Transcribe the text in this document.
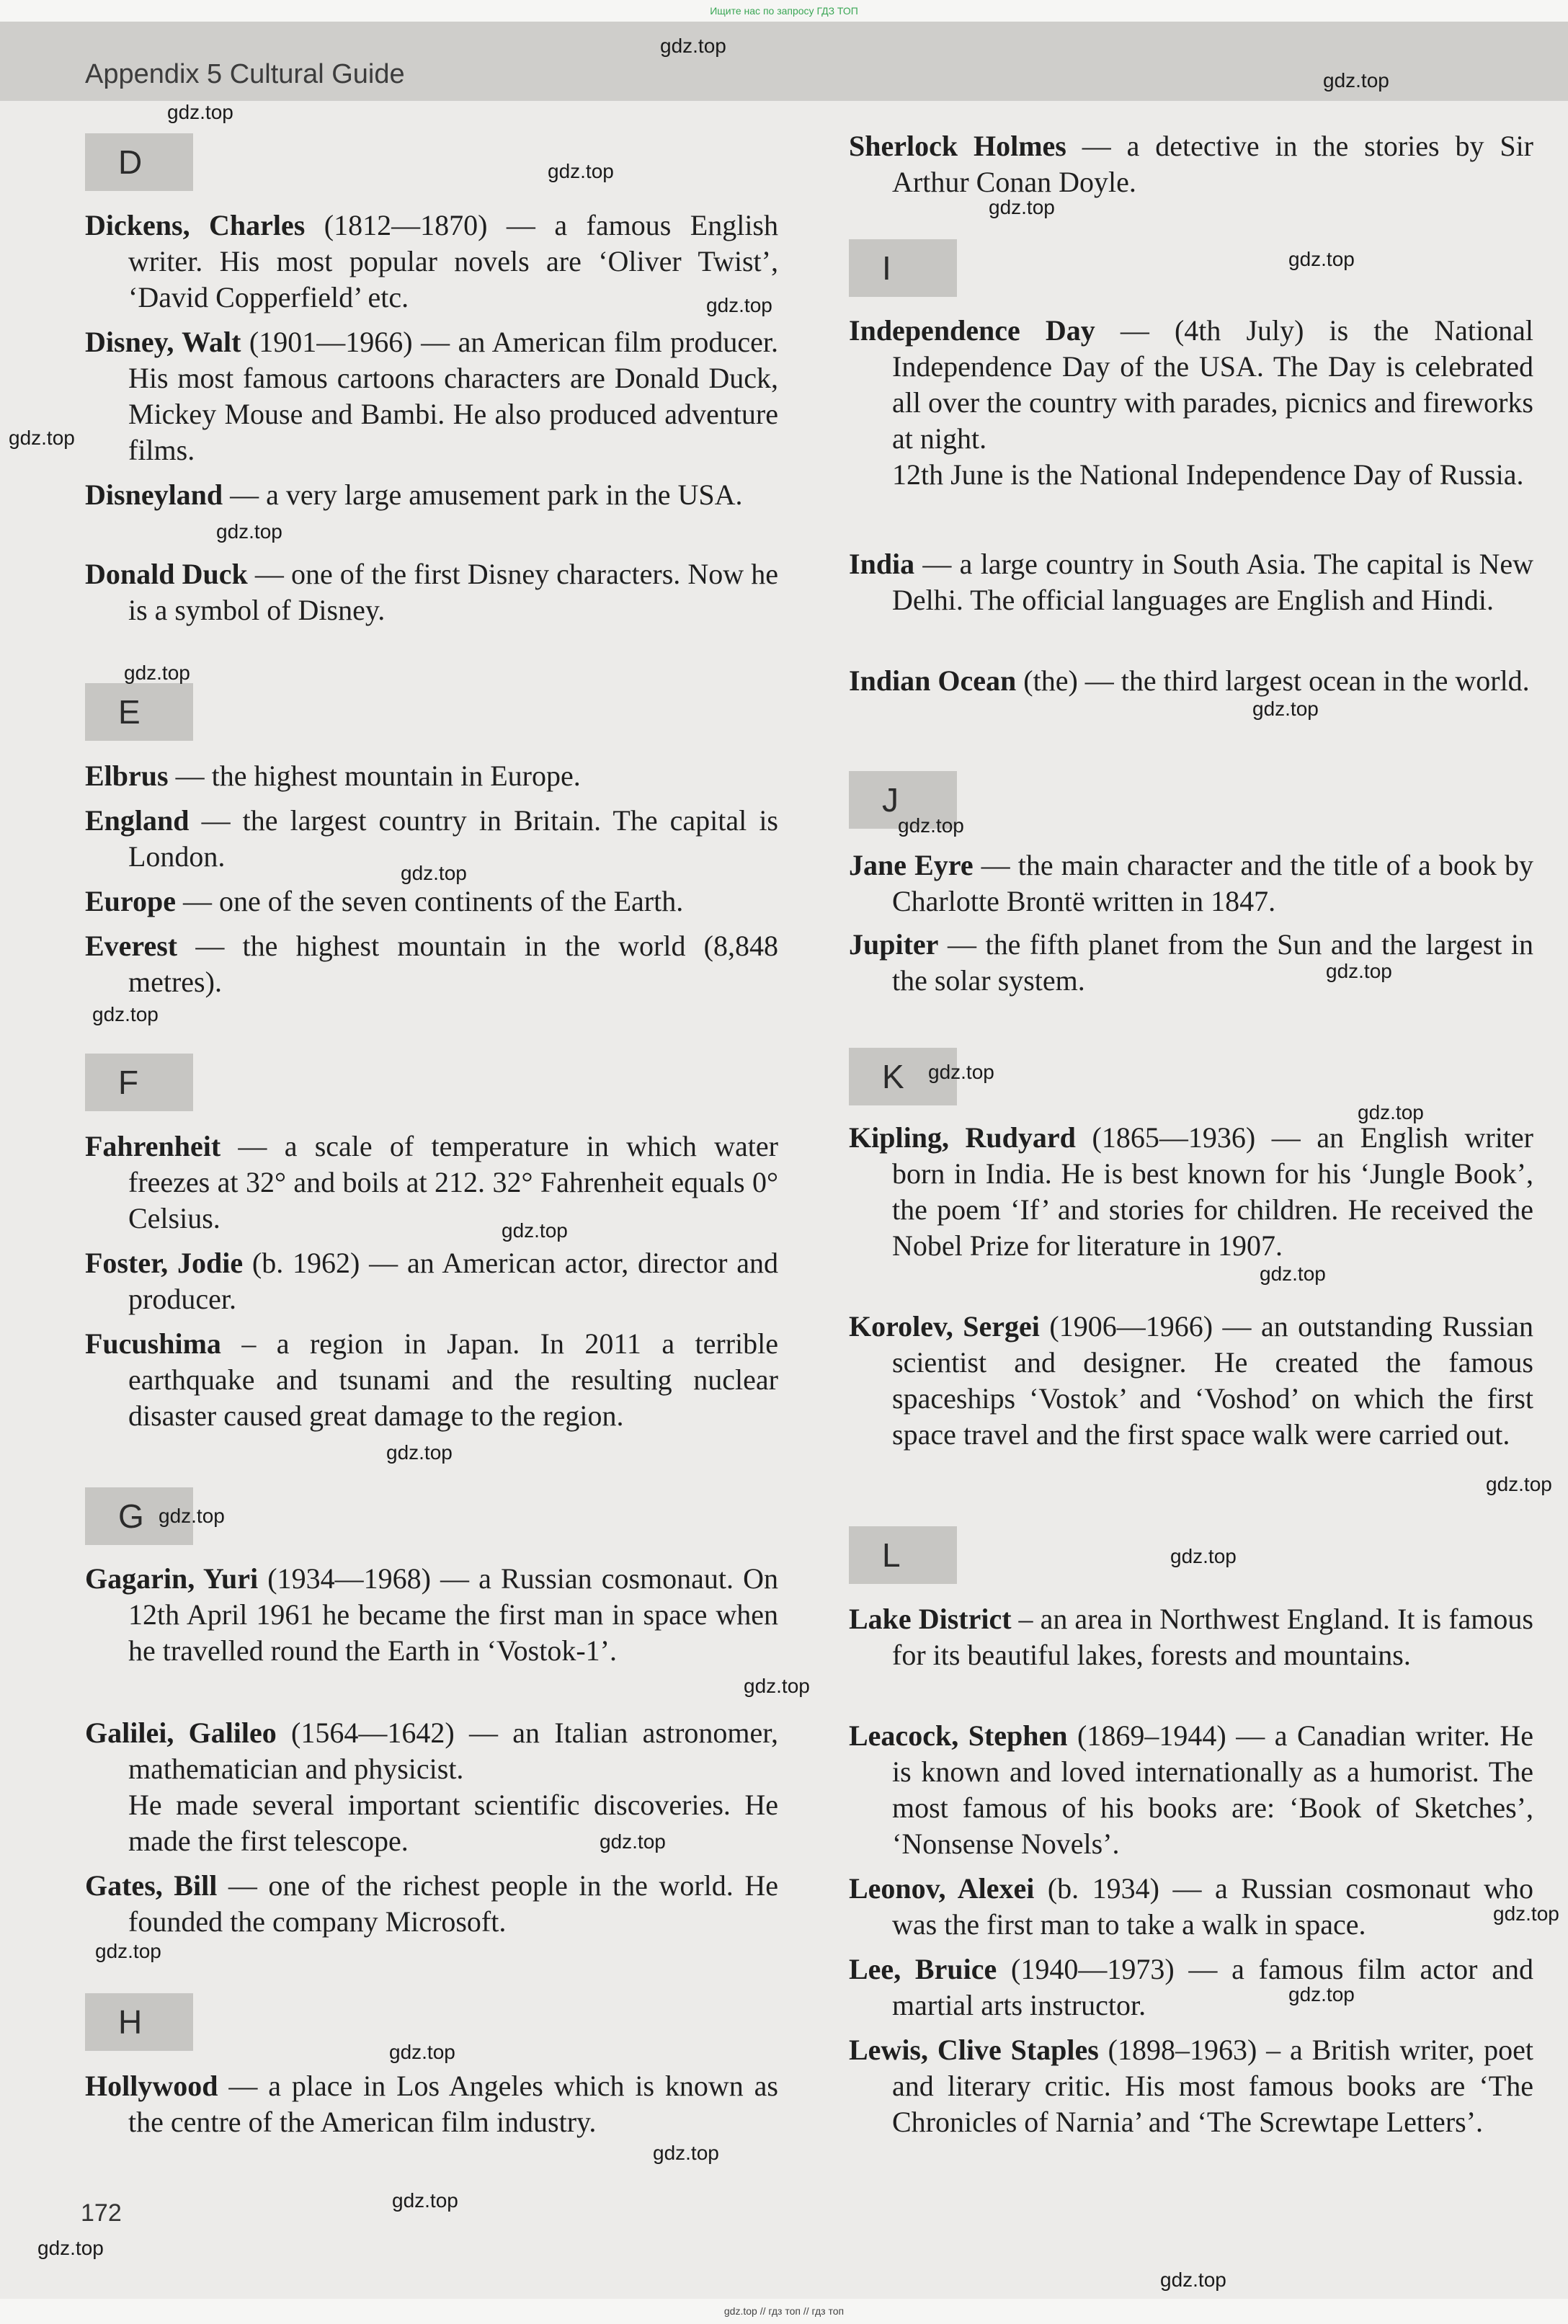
Ищите нас по запросу ГДЗ ТОП
Appendix 5 Cultural Guide
D
Dickens, Charles (1812—1870) — a famous English writer. His most popular novels are ‘Oliver Twist’, ‘David Copperfield’ etc.
Disney, Walt (1901—1966) — an American film producer. His most famous cartoons characters are Donald Duck, Mickey Mouse and Bambi. He also produced adventure films.
Disneyland — a very large amusement park in the USA.
Donald Duck — one of the first Disney characters. Now he is a symbol of Disney.
E
Elbrus — the highest mountain in Europe.
England — the largest country in Britain. The capital is London.
Europe — one of the seven continents of the Earth.
Everest — the highest mountain in the world (8,848 metres).
F
Fahrenheit — a scale of temperature in which water freezes at 32° and boils at 212. 32° Fahrenheit equals 0° Celsius.
Foster, Jodie (b. 1962) — an American actor, director and producer.
Fucushima – a region in Japan. In 2011 a terrible earthquake and tsunami and the resulting nuclear disaster caused great damage to the region.
G
Gagarin, Yuri (1934—1968) — a Russian cosmonaut. On 12th April 1961 he became the first man in space when he travelled round the Earth in ‘Vostok-1’.
Galilei, Galileo (1564—1642) — an Italian astronomer, mathematician and physicist.
He made several important scientific discoveries. He made the first telescope.
Gates, Bill — one of the richest people in the world. He founded the company Microsoft.
H
Hollywood — a place in Los Angeles which is known as the centre of the American film industry.
Sherlock Holmes — a detective in the stories by Sir Arthur Conan Doyle.
I
Independence Day — (4th July) is the National Independence Day of the USA. The Day is celebrated all over the country with parades, picnics and fireworks at night.
12th June is the National Independence Day of Russia.
India — a large country in South Asia. The capital is New Delhi. The official languages are English and Hindi.
Indian Ocean (the) — the third largest ocean in the world.
J
Jane Eyre — the main character and the title of a book by Charlotte Brontë written in 1847.
Jupiter — the fifth planet from the Sun and the largest in the solar system.
K
Kipling, Rudyard (1865—1936) — an English writer born in India. He is best known for his ‘Jungle Book’, the poem ‘If’ and stories for children. He received the Nobel Prize for literature in 1907.
Korolev, Sergei (1906—1966) — an outstanding Russian scientist and designer. He created the famous spaceships ‘Vostok’ and ‘Voshod’ on which the first space travel and the first space walk were carried out.
L
Lake District – an area in Northwest England. It is famous for its beautiful lakes, forests and mountains.
Leacock, Stephen (1869–1944) — a Canadian writer. He is known and loved internationally as a humorist. The most famous of his books are: ‘Book of Sketches’, ‘Nonsense Novels’.
Leonov, Alexei (b. 1934) — a Russian cosmonaut who was the first man to take a walk in space.
Lee, Bruice (1940—1973) — a famous film actor and martial arts instructor.
Lewis, Clive Staples (1898–1963) – a British writer, poet and literary critic. His most famous books are ‘The Chronicles of Narnia’ and ‘The Screwtape Letters’.
172
gdz.top
gdz.top
gdz.top
gdz.top
gdz.top
gdz.top
gdz.top
gdz.top
gdz.top
gdz.top
gdz.top
gdz.top
gdz.top
gdz.top
gdz.top
gdz.top
gdz.top
gdz.top
gdz.top
gdz.top
gdz.top
gdz.top
gdz.top
gdz.top
gdz.top
gdz.top
gdz.top
gdz.top
gdz.top
gdz.top
gdz.top
gdz.top
gdz.top
gdz.top // гдз топ // гдз топ
